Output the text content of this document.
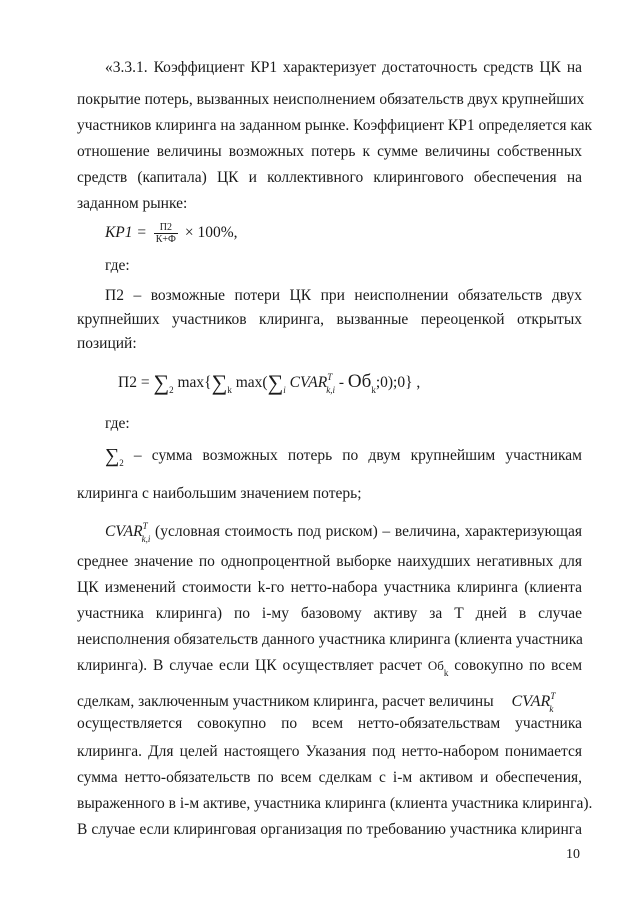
«3.3.1. Коэффициент КР1 характеризует достаточность средств ЦК на
покрытие потерь, вызванных неисполнением обязательств двух крупнейших
участников клиринга на заданном рынке. Коэффициент КР1 определяется как
отношение величины возможных потерь к сумме величины собственных
средств (капитала) ЦК и коллективного клирингового обеспечения на
заданном рынке:
$КР1 = \frac{П2}{К+Ф} \times 100\%$,
где:
П2 – возможные потери ЦК при неисполнении обязательств двух
крупнейших участников клиринга, вызванные переоценкой открытых
позиций:
$П2 = \sum_2$ $\max\{\sum_k$ $\max(\sum_i$ $CVAR^T_{k,i}$ - $Об_k;0);0$} ,
где:
$\sum_2$ – сумма возможных потерь по двум крупнейшим участникам
клиринга с наибольшим значением потерь;
$CVAR^T_{k,i}$ (условная стоимость под риском) – величина, характеризующая
среднее значение по однопроцентной выборке наихудших негативных для
ЦК изменений стоимости k-го нетто-набора участника клиринга (клиента
участника клиринга) по i-му базовому активу за Т дней в случае
неисполнения обязательств данного участника клиринга (клиента участника
клиринга). В случае если ЦК осуществляет расчет $Об_k$ совокупно по всем
сделкам, заключенным участником клиринга, расчет величины $CVAR^T_k$
осуществляется совокупно по всем нетто-обязательствам участника
клиринга. Для целей настоящего Указания под нетто-набором понимается
сумма нетто-обязательств по всем сделкам с i-м активом и обеспечения,
выраженного в i-м активе, участника клиринга (клиента участника клиринга).
В случае если клиринговая организация по требованию участника клиринга
10
